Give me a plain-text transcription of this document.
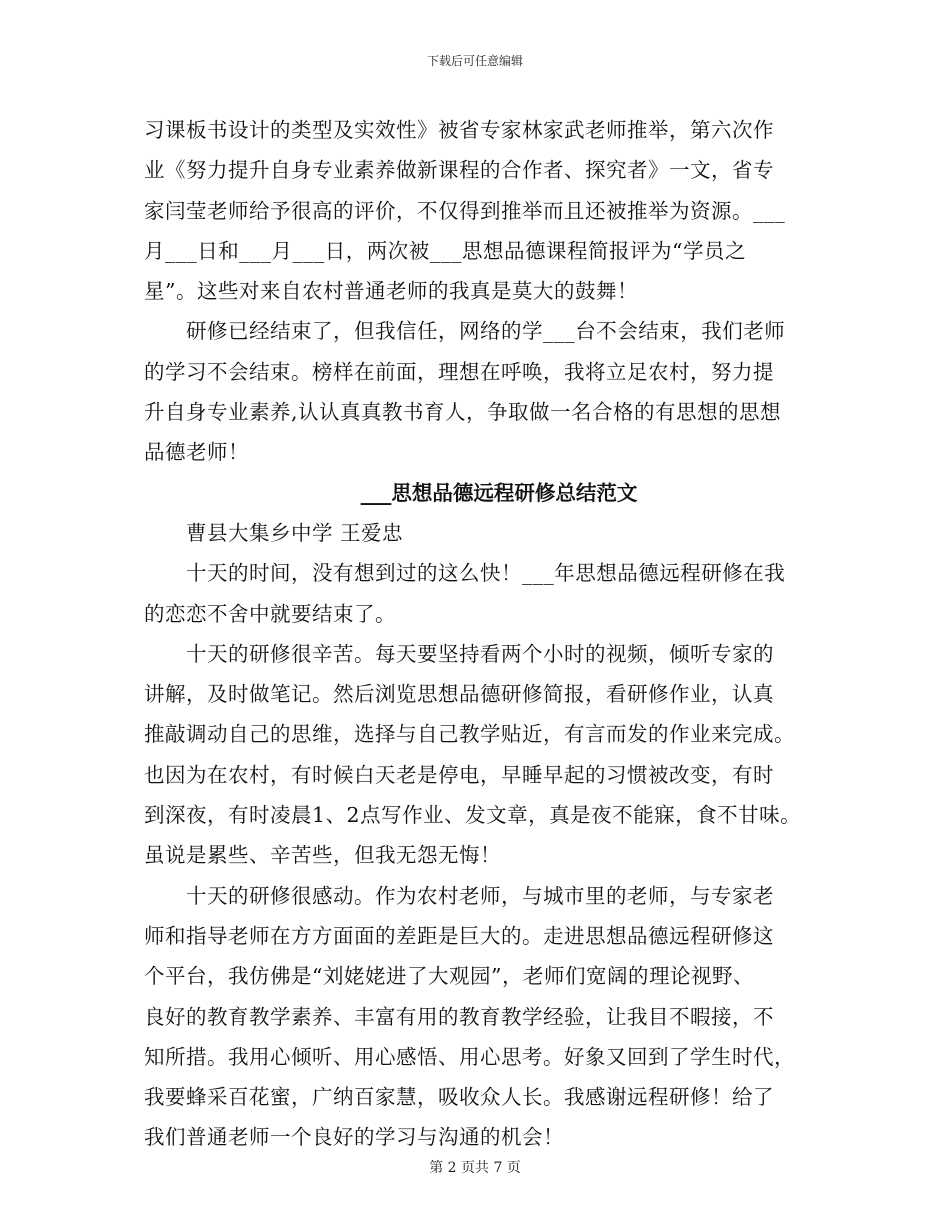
下载后可任意编辑
习课板书设计的类型及实效性》被省专家林家武老师推举，第六次作
业《努力提升自身专业素养做新课程的合作者、探究者》一文，省专
家闫莹老师给予很高的评价，不仅得到推举而且还被推举为资源。___
月___日和___月___日，两次被___思想品德课程简报评为“学员之
星”。这些对来自农村普通老师的我真是莫大的鼓舞！
　　研修已经结束了，但我信任，网络的学___台不会结束，我们老师
的学习不会结束。榜样在前面，理想在呼唤，我将立足农村，努力提
升自身专业素养,认认真真教书育人，争取做一名合格的有思想的思想
品德老师！
___思想品德远程研修总结范文
　　曹县大集乡中学 王爱忠
　　十天的时间，没有想到过的这么快！___年思想品德远程研修在我
的恋恋不舍中就要结束了。
　　十天的研修很辛苦。每天要坚持看两个小时的视频，倾听专家的
讲解，及时做笔记。然后浏览思想品德研修简报，看研修作业，认真
推敲调动自己的思维，选择与自己教学贴近，有言而发的作业来完成。
也因为在农村，有时候白天老是停电，早睡早起的习惯被改变，有时
到深夜，有时凌晨1、2点写作业、发文章，真是夜不能寐，食不甘味。
虽说是累些、辛苦些，但我无怨无悔！
　　十天的研修很感动。作为农村老师，与城市里的老师，与专家老
师和指导老师在方方面面的差距是巨大的。走进思想品德远程研修这
个平台，我仿佛是“刘姥姥进了大观园”，老师们宽阔的理论视野、
良好的教育教学素养、丰富有用的教育教学经验，让我目不暇接，不
知所措。我用心倾听、用心感悟、用心思考。好象又回到了学生时代，
我要蜂采百花蜜，广纳百家慧，吸收众人长。我感谢远程研修！给了
我们普通老师一个良好的学习与沟通的机会！
第 2 页共 7 页
